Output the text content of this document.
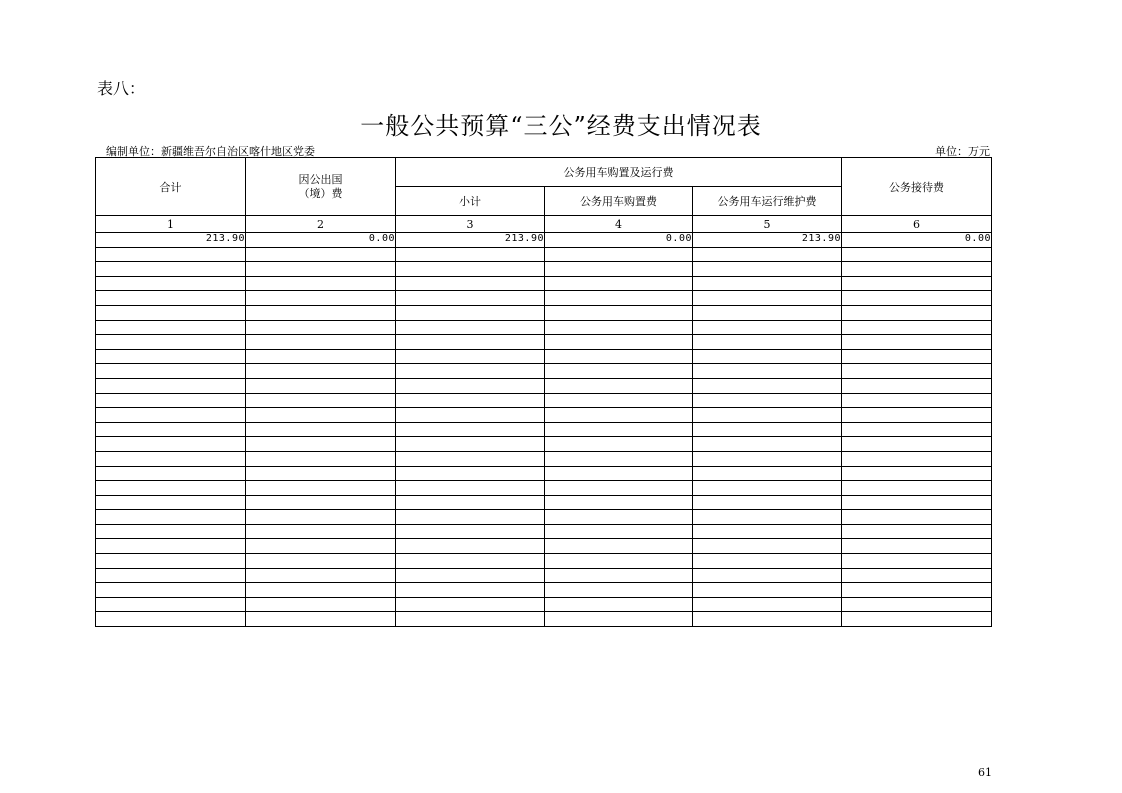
表八：
一般公共预算“三公”经费支出情况表
编制单位：新疆维吾尔自治区喀什地区党委	单位：万元
合计	因公出国（境）费	公务用车购置及运行费			公务接待费
		小计	公务用车购置费	公务用车运行维护费	
1	2	3	4	5	6
213.90	0.00	213.90	0.00	213.90	0.00

61
